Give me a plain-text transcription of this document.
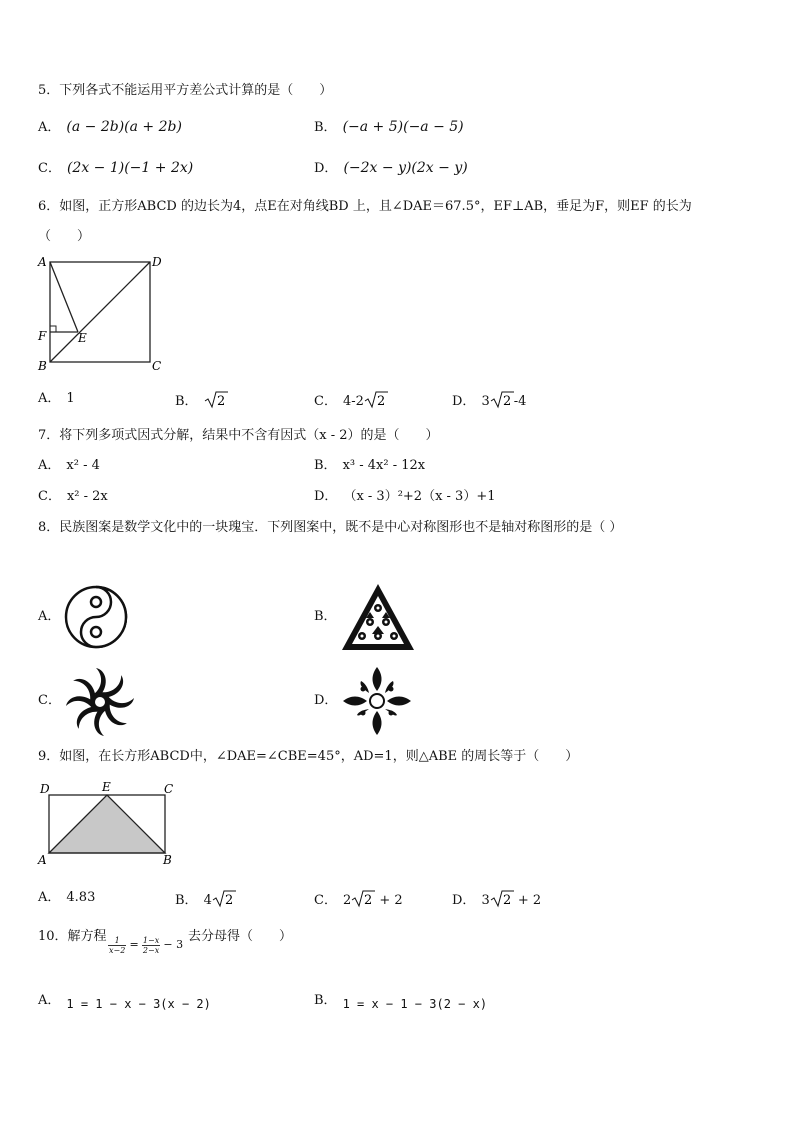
5．下列各式不能运用平方差公式计算的是（　　）
A． (a − 2b)(a + 2b)	B． (−a + 5)(−a − 5)
C． (2x − 1)(−1 + 2x)	D． (−2x − y)(2x − y)
6．如图，正方形ABCD 的边长为4，点E在对角线BD 上，且∠DAE＝67.5°，EF⊥AB，垂足为F，则EF 的长为
（　　）
A	D
F	E
B	C
A． 1	B． 2	C． 4-2 2	D． 3 2 -4
7．将下列多项式因式分解，结果中不含有因式（x - 2）的是（　　）
A． x² - 4	B． x³ - 4x² - 12x
C． x² - 2x	D． （x - 3）²+2（x - 3）+1
8．民族图案是数学文化中的一块瑰宝．下列图案中，既不是中心对称图形也不是轴对称图形的是（ ）
A．	B．
C．	D．
9．如图，在长方形ABCD中，∠DAE=∠CBE=45°，AD=1，则△ABE 的周长等于（　　）
D	E	C
A	B
A． 4.83	B． 4 2	C． 2 2 + 2	D． 3 2 + 2
10．解方程 $\frac{1}{x-2} = \frac{1-x}{2-x} - 3$
去分母得（　　）
A． 1 = 1 − x − 3(x − 2)	B． 1 = x − 1 − 3(2 − x)
